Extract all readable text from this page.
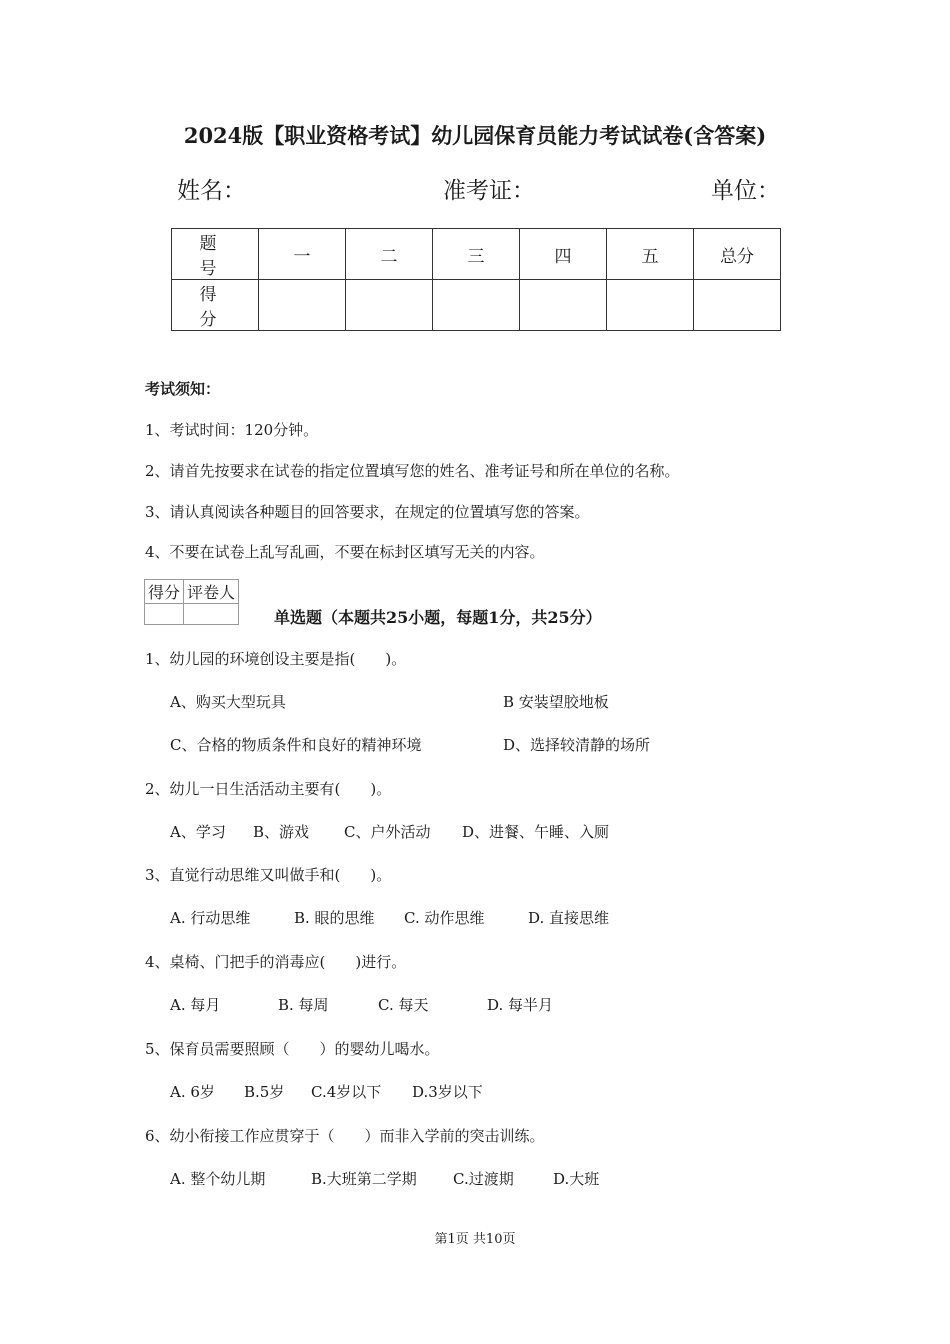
2024版【职业资格考试】幼儿园保育员能力考试试卷(含答案)
姓名：	准考证：	单位：
题　号	一	二	三	四	五	总分
得　分						
考试须知：
1、考试时间：120分钟。
2、请首先按要求在试卷的指定位置填写您的姓名、准考证号和所在单位的名称。
3、请认真阅读各种题目的回答要求，在规定的位置填写您的答案。
4、不要在试卷上乱写乱画，不要在标封区填写无关的内容。
得分	评卷人

单选题（本题共25小题，每题1分，共25分）
1、幼儿园的环境创设主要是指(　　)。
A、购买大型玩具	B 安装望胶地板
C、合格的物质条件和良好的精神环境	D、选择较清静的场所
2、幼儿一日生活活动主要有(　　)。
A、学习 B、游戏 C、户外活动 D、进餐、午睡、入厕
3、直觉行动思维又叫做手和(　　)。
A. 行动思维	B. 眼的思维 C. 动作思维	D. 直接思维
4、桌椅、门把手的消毒应(　　)进行。
A. 每月	B. 每周	C. 每天	D. 每半月
5、保育员需要照顾（　　）的婴幼儿喝水。
A. 6岁 B.5岁 C.4岁以下 D.3岁以下
6、幼小衔接工作应贯穿于（　　）而非入学前的突击训练。
A. 整个幼儿期	B.大班第二学期 C.过渡期	D.大班
第1页 共10页
